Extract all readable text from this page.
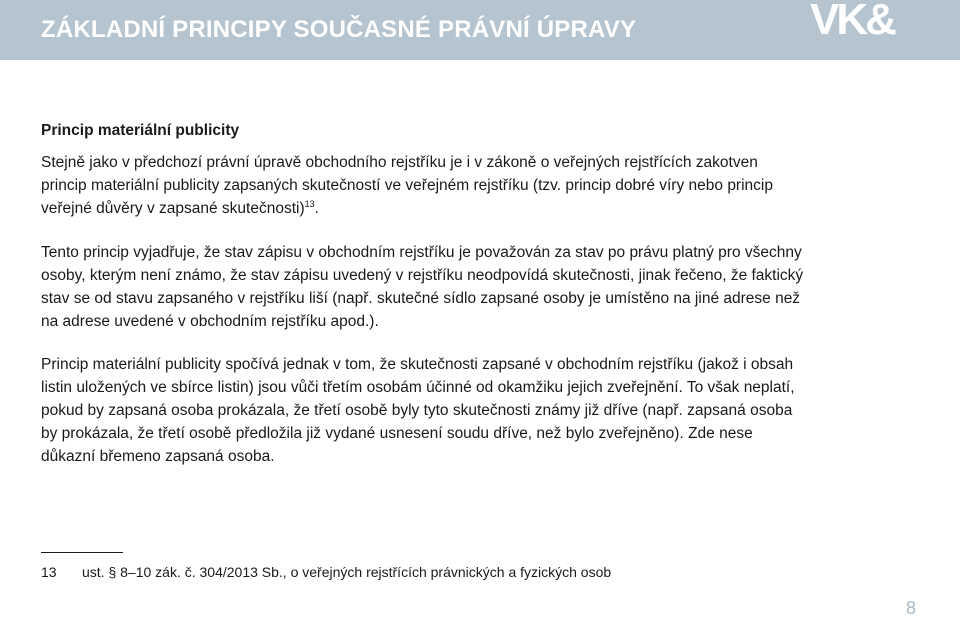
ZÁKLADNÍ PRINCIPY SOUČASNÉ PRÁVNÍ ÚPRAVY	VK&

Princip materiální publicity

Stejně jako v předchozí právní úpravě obchodního rejstříku je i v zákoně o veřejných rejstřících zakotven princip materiální publicity zapsaných skutečností ve veřejném rejstříku (tzv. princip dobré víry nebo princip veřejné důvěry v zapsané skutečnosti)$^{13}$.

Tento princip vyjadřuje, že stav zápisu v obchodním rejstříku je považován za stav po právu platný pro všechny osoby, kterým není známo, že stav zápisu uvedený v rejstříku neodpovídá skutečnosti, jinak řečeno, že faktický stav se od stavu zapsaného v rejstříku liší (např. skutečné sídlo zapsané osoby je umístěno na jiné adrese než na adrese uvedené v obchodním rejstříku apod.).

Princip materiální publicity spočívá jednak v tom, že skutečnosti zapsané v obchodním rejstříku (jakož i obsah listin uložených ve sbírce listin) jsou vůči třetím osobám účinné od okamžiku jejich zveřejnění. To však neplatí, pokud by zapsaná osoba prokázala, že třetí osobě byly tyto skutečnosti známy již dříve (např. zapsaná osoba by prokázala, že třetí osobě předložila již vydané usnesení soudu dříve, než bylo zveřejněno). Zde nese důkazní břemeno zapsaná osoba.

13 ust. § 8–10 zák. č. 304/2013 Sb., o veřejných rejstřících právnických a fyzických osob
8
